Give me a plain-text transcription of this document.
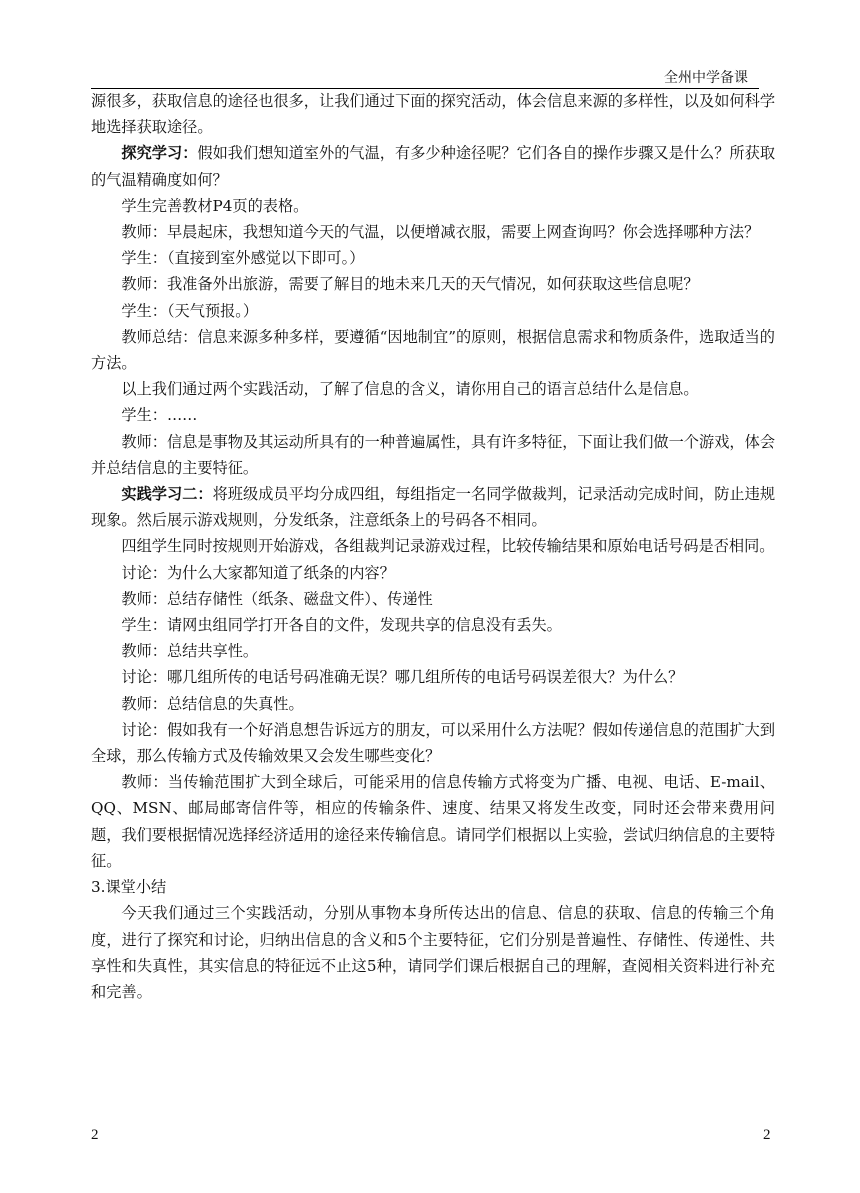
全州中学备课

源很多，获取信息的途径也很多，让我们通过下面的探究活动，体会信息来源的多样性，以及如何科学地选择获取途径。

探究学习：假如我们想知道室外的气温，有多少种途径呢？它们各自的操作步骤又是什么？所获取的气温精确度如何？

学生完善教材P4页的表格。

教师：早晨起床，我想知道今天的气温，以便增减衣服，需要上网查询吗？你会选择哪种方法？

学生：（直接到室外感觉以下即可。）

教师：我准备外出旅游，需要了解目的地未来几天的天气情况，如何获取这些信息呢？

学生：（天气预报。）

教师总结：信息来源多种多样，要遵循“因地制宜”的原则，根据信息需求和物质条件，选取适当的方法。

以上我们通过两个实践活动，了解了信息的含义，请你用自己的语言总结什么是信息。

学生：……

教师：信息是事物及其运动所具有的一种普遍属性，具有许多特征，下面让我们做一个游戏，体会并总结信息的主要特征。

实践学习二：将班级成员平均分成四组，每组指定一名同学做裁判，记录活动完成时间，防止违规现象。然后展示游戏规则，分发纸条，注意纸条上的号码各不相同。

四组学生同时按规则开始游戏，各组裁判记录游戏过程，比较传输结果和原始电话号码是否相同。

讨论：为什么大家都知道了纸条的内容？

教师：总结存储性（纸条、磁盘文件）、传递性

学生：请网虫组同学打开各自的文件，发现共享的信息没有丢失。

教师：总结共享性。

讨论：哪几组所传的电话号码准确无误？哪几组所传的电话号码误差很大？为什么？

教师：总结信息的失真性。

讨论：假如我有一个好消息想告诉远方的朋友，可以采用什么方法呢？假如传递信息的范围扩大到全球，那么传输方式及传输效果又会发生哪些变化？

教师：当传输范围扩大到全球后，可能采用的信息传输方式将变为广播、电视、电话、E-mail、QQ、MSN、邮局邮寄信件等，相应的传输条件、速度、结果又将发生改变，同时还会带来费用问题，我们要根据情况选择经济适用的途径来传输信息。请同学们根据以上实验，尝试归纳信息的主要特征。

3.课堂小结

今天我们通过三个实践活动，分别从事物本身所传达出的信息、信息的获取、信息的传输三个角度，进行了探究和讨论，归纳出信息的含义和5个主要特征，它们分别是普遍性、存储性、传递性、共享性和失真性，其实信息的特征远不止这5种，请同学们课后根据自己的理解，查阅相关资料进行补充和完善。

2	2
